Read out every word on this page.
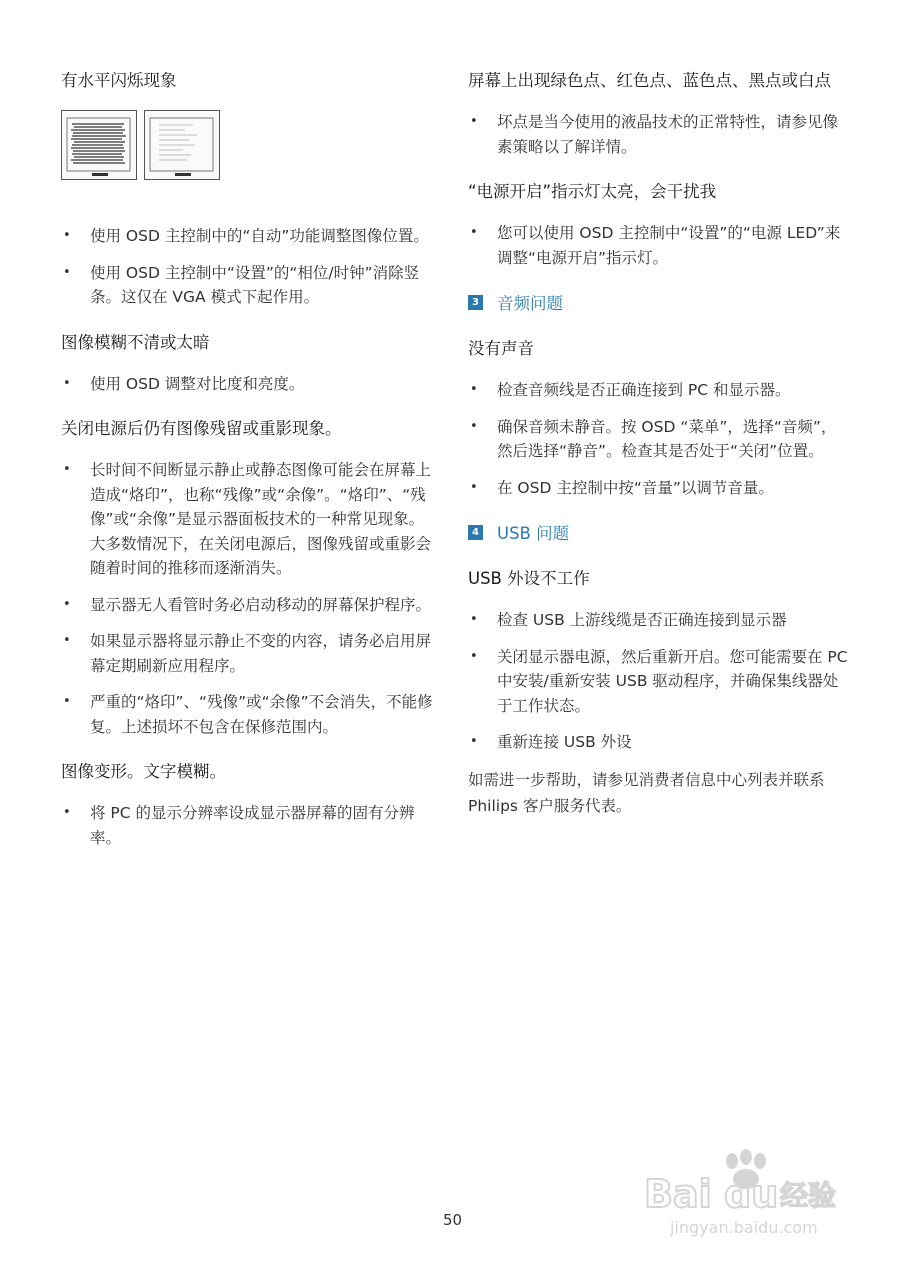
有水平闪烁现象
• 使用 OSD 主控制中的“自动”功能调整图像位置。
• 使用 OSD 主控制中“设置”的“相位/时钟”消除竖条。这仅在 VGA 模式下起作用。
图像模糊不清或太暗
• 使用 OSD 调整对比度和亮度。
关闭电源后仍有图像残留或重影现象。
• 长时间不间断显示静止或静态图像可能会在屏幕上造成“烙印”，也称“残像”或“余像”。“烙印”、“残像”或“余像”是显示器面板技术的一种常见现象。大多数情况下，在关闭电源后，图像残留或重影会随着时间的推移而逐渐消失。
• 显示器无人看管时务必启动移动的屏幕保护程序。
• 如果显示器将显示静止不变的内容，请务必启用屏幕定期刷新应用程序。
• 严重的“烙印”、“残像”或“余像”不会消失，不能修复。上述损坏不包含在保修范围内。
图像变形。文字模糊。
• 将 PC 的显示分辨率设成显示器屏幕的固有分辨率。
屏幕上出现绿色点、红色点、蓝色点、黑点或白点
• 坏点是当今使用的液晶技术的正常特性，请参见像素策略以了解详情。
“电源开启”指示灯太亮，会干扰我
• 您可以使用 OSD 主控制中“设置”的“电源 LED”来调整“电源开启”指示灯。
3 音频问题
没有声音
• 检查音频线是否正确连接到 PC 和显示器。
• 确保音频未静音。按 OSD “菜单”，选择“音频”，然后选择“静音”。检查其是否处于“关闭”位置。
• 在 OSD 主控制中按“音量”以调节音量。
4 USB 问题
USB 外设不工作
• 检查 USB 上游线缆是否正确连接到显示器
• 关闭显示器电源，然后重新开启。您可能需要在 PC 中安装/重新安装 USB 驱动程序，并确保集线器处于工作状态。
• 重新连接 USB 外设
如需进一步帮助，请参见消费者信息中心列表并联系 Philips 客户服务代表。
50
Bai du 经验
jingyan.baidu.com
